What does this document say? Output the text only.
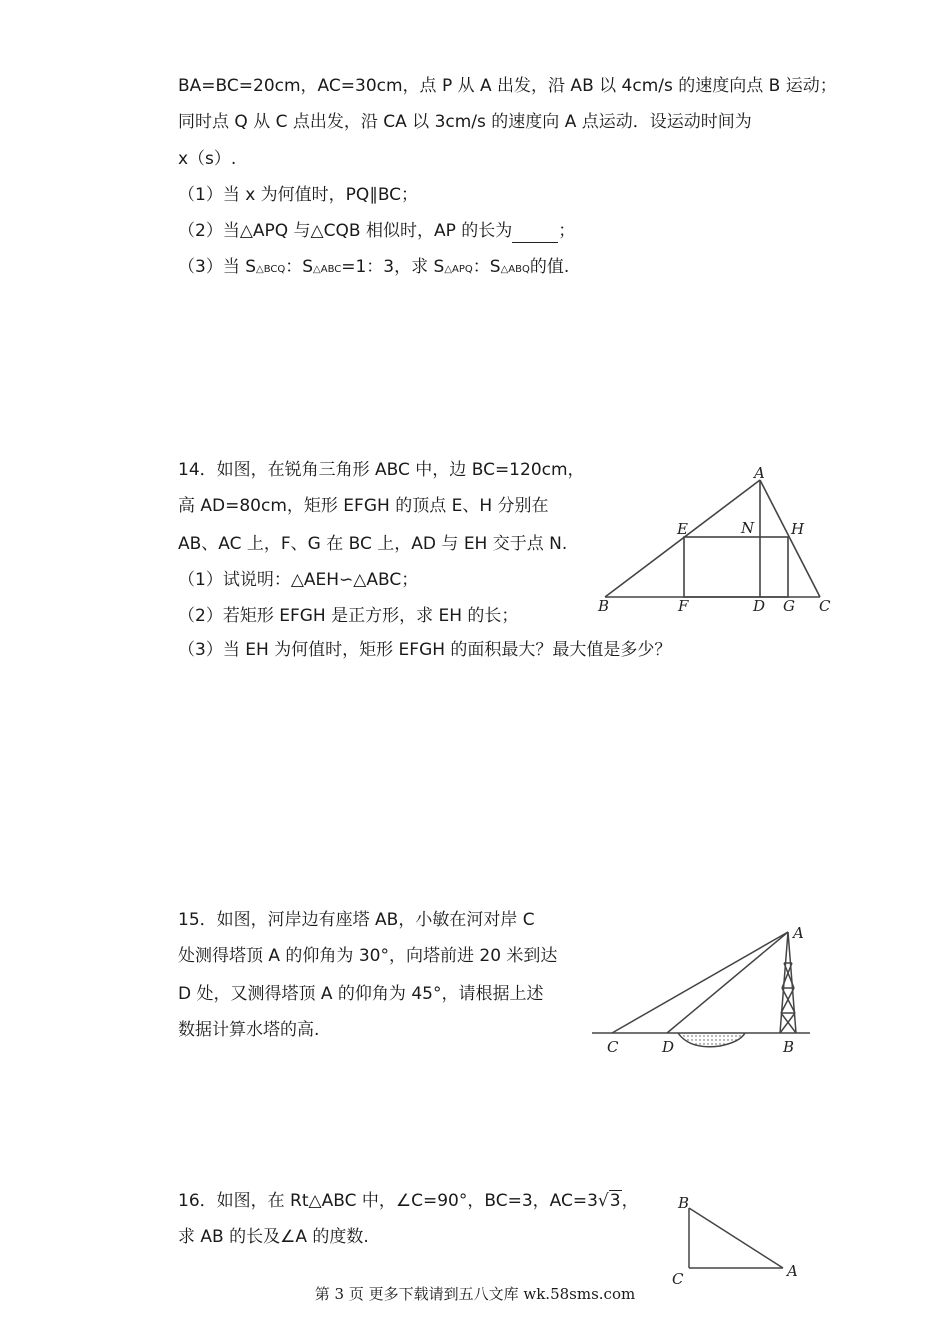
BA=BC=20cm，AC=30cm，点 P 从 A 出发，沿 AB 以 4cm/s 的速度向点 B 运动；
同时点 Q 从 C 点出发，沿 CA 以 3cm/s 的速度向 A 点运动．设运动时间为
x（s）.
（1）当 x 为何值时，PQ∥BC；
（2）当△APQ 与△CQB 相似时，AP 的长为	；
（3）当 S△BCQ：S△ABC=1：3，求 S△APQ：S△ABQ的值.
14．如图，在锐角三角形 ABC 中，边 BC=120cm，
高 AD=80cm，矩形 EFGH 的顶点 E、H 分别在
AB、AC 上，F、G 在 BC 上，AD 与 EH 交于点 N.
（1）试说明：△AEH∽△ABC；
（2）若矩形 EFGH 是正方形，求 EH 的长；
（3）当 EH 为何值时，矩形 EFGH 的面积最大？最大值是多少？
A
B	C
D
E
F	G
H
N
15．如图，河岸边有座塔 AB，小敏在河对岸 C
处测得塔顶 A 的仰角为 30°，向塔前进 20 米到达
D 处，又测得塔顶 A 的仰角为 45°，请根据上述
数据计算水塔的高.
A
C	D	B
16．如图，在 Rt△ABC 中，∠C=90°，BC=3，AC=3√3，
求 AB 的长及∠A 的度数.
B
C	A
第 3 页 更多下载请到五八文库 wk.58sms.com
